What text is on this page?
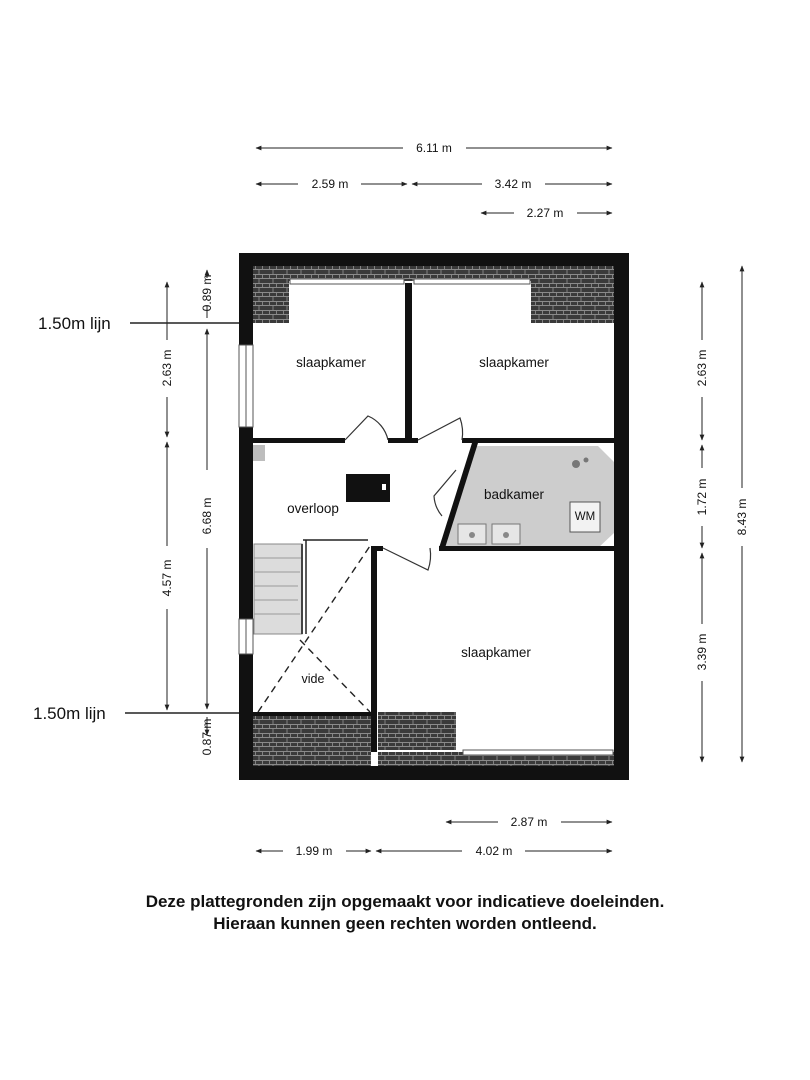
slaapkamer	slaapkamer
overloop
badkamer
WM
vide
slaapkamer
1.50m lijn
1.50m lijn
6.11 m
2.59 m	3.42 m
2.27 m
2.87 m
1.99 m	4.02 m
0.89 m
2.63 m
4.57 m
6.68 m
0.87 m
2.63 m
1.72 m
3.39 m
8.43 m
Deze plattegronden zijn opgemaakt voor indicatieve doeleinden.
Hieraan kunnen geen rechten worden ontleend.
